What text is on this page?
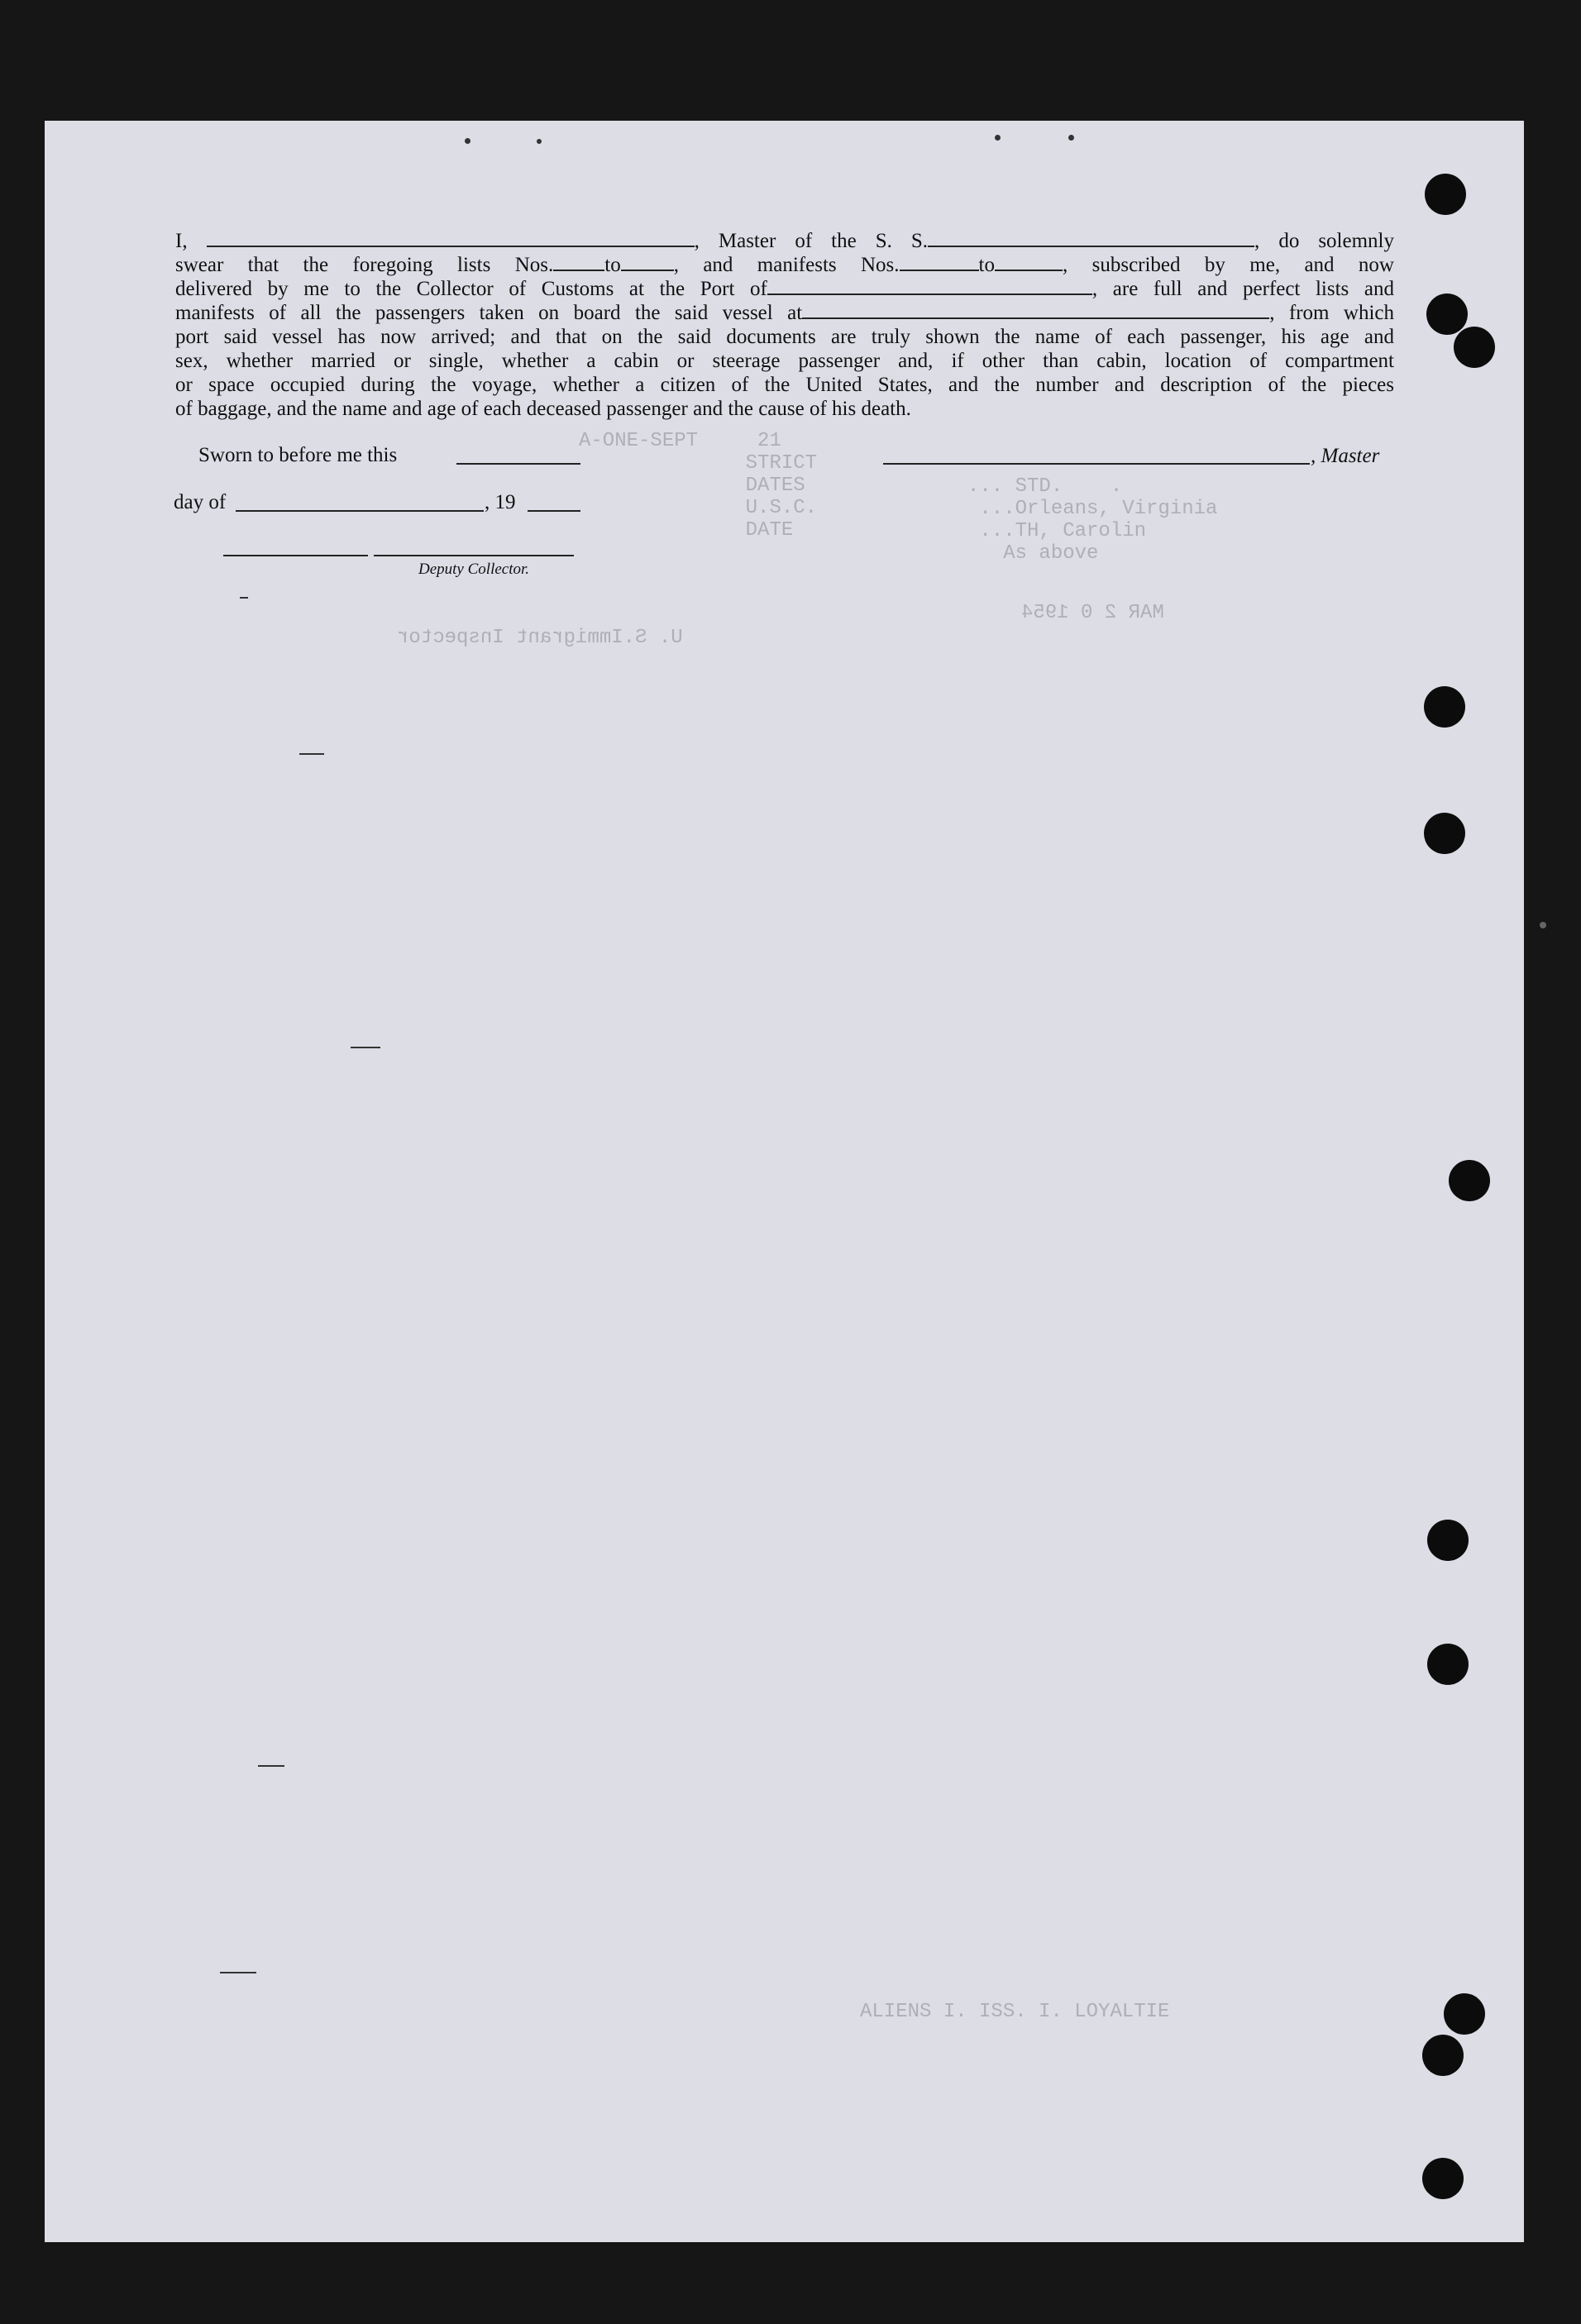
U. S.Immigrant Inspector
MAR 2 0 1954
A-ONE-SEPT     21
STRICT
DATES
U.S.C.
DATE
... STD.    .
...Orleans, Virginia
...TH, Carolin
As above
ALIENS I. ISS. I. LOYALTIE
I,	, Master of the S. S.	, do solemnly
swear that the foregoing lists Nos. to	, and manifests Nos.	to	, subscribed by me, and now
delivered by me to the Collector of Customs at the Port of	, are full and perfect lists and
manifests of all the passengers taken on board the said vessel at	, from which
port said vessel has now arrived; and that on the said documents are truly shown the name of each passenger, his age and
sex, whether married or single, whether a cabin or steerage passenger and, if other than cabin, location of compartment
or space occupied during the voyage, whether a citizen of the United States, and the number and description of the pieces
of baggage, and the name and age of each deceased passenger and the cause of his death.
Sworn to before me this	, Master
day of	, 19
Deputy Collector.
